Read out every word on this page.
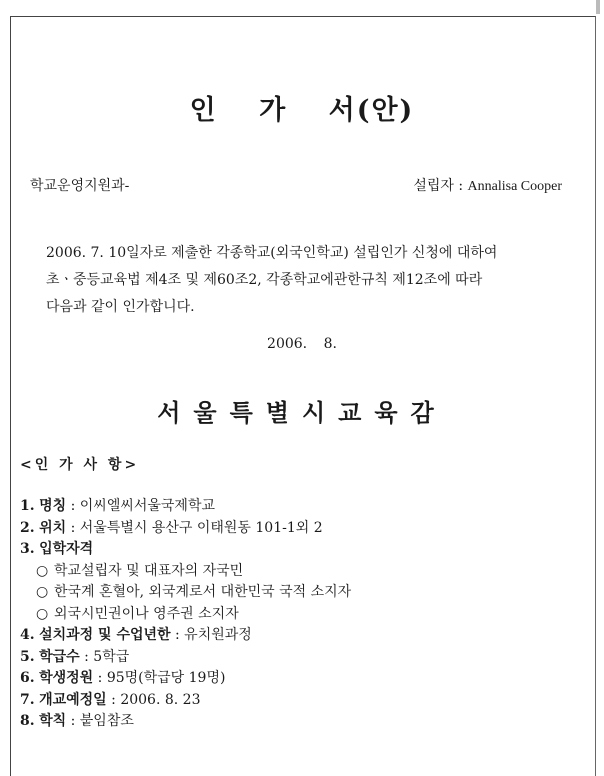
인 가 서(안)
학교운영지원과-	설립자 : Annalisa Cooper
2006. 7. 10일자로 제출한 각종학교(외국인학교) 설립인가 신청에 대하여
초ㆍ중등교육법 제4조 및 제60조2, 각종학교에관한규칙 제12조에 따라
다음과 같이 인가합니다.
2006. 8.
서울특별시교육감
<인 가 사 항>
1. 명칭 : 이씨엘씨서울국제학교
2. 위치 : 서울특별시 용산구 이태원동 101-1외 2
3. 입학자격
○ 학교설립자 및 대표자의 자국민
○ 한국계 혼혈아, 외국계로서 대한민국 국적 소지자
○ 외국시민권이나 영주권 소지자
4. 설치과정 및 수업년한 : 유치원과정
5. 학급수 : 5학급
6. 학생정원 : 95명(학급당 19명)
7. 개교예정일 : 2006. 8. 23
8. 학칙 : 붙임참조
